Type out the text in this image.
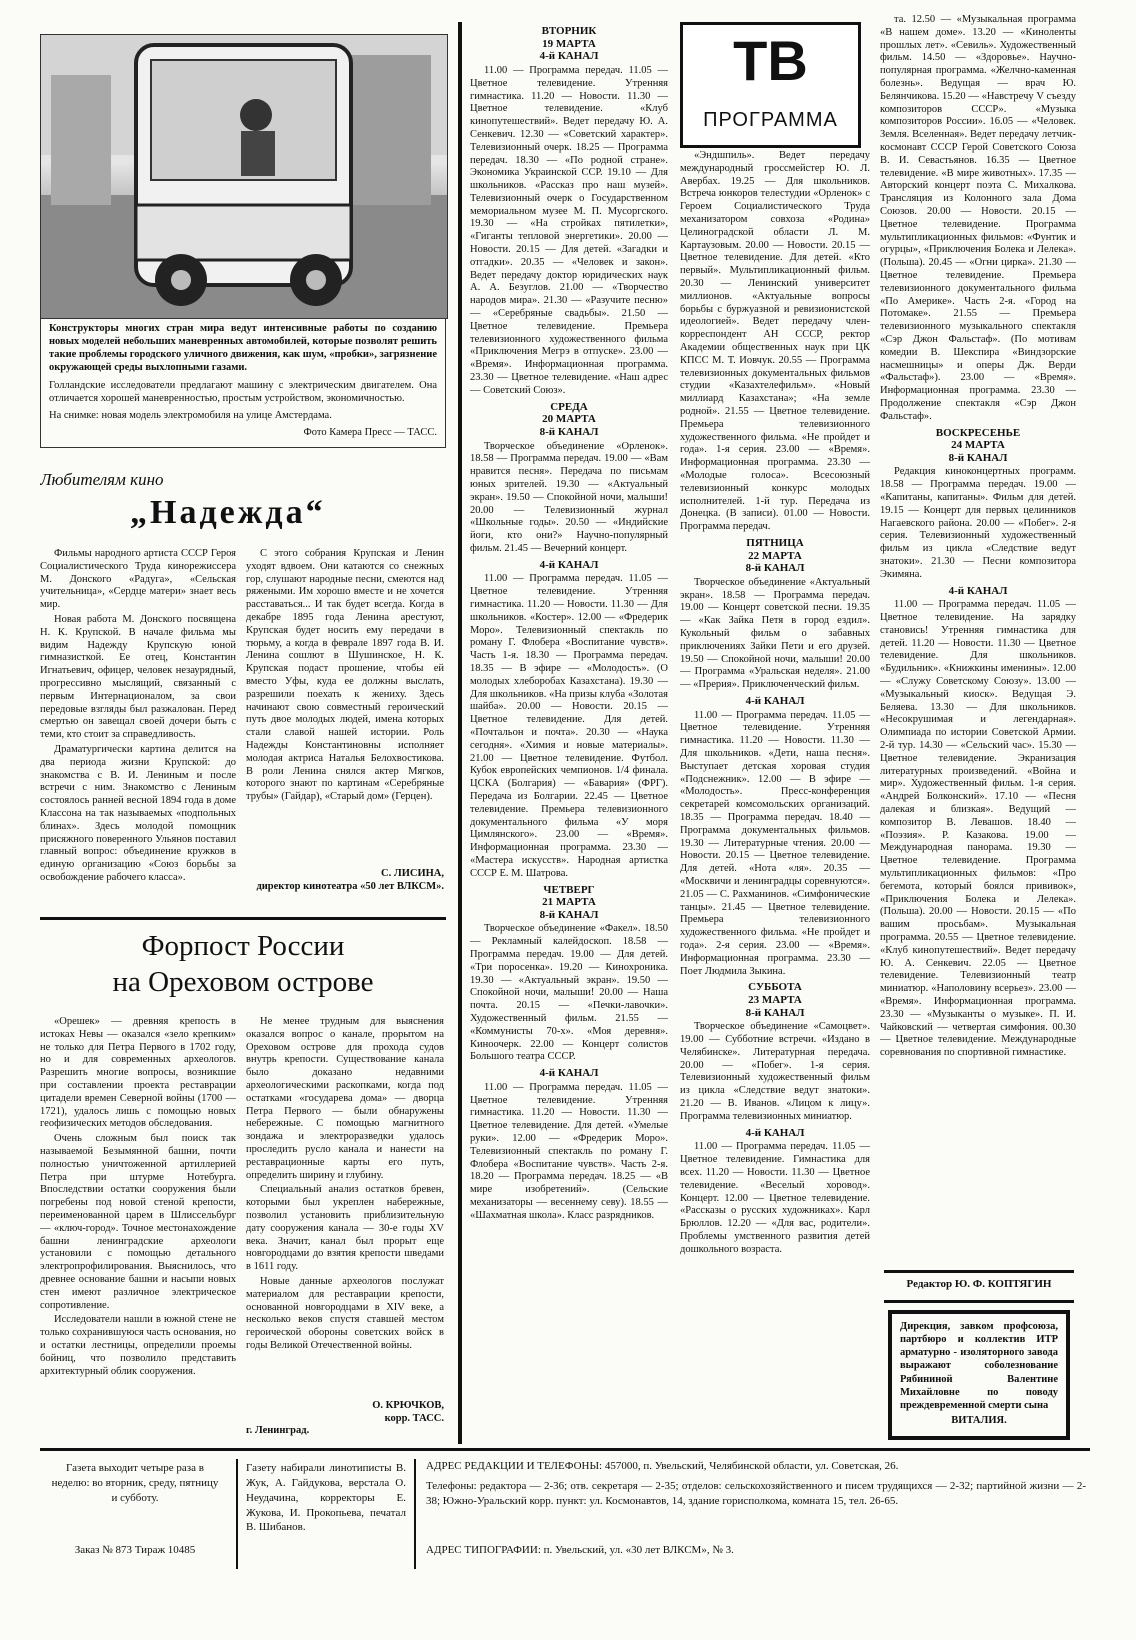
Конструкторы многих стран мира ведут интенсивные работы по созданию новых моделей небольших маневренных автомобилей, которые позволят решить такие проблемы городского уличного движения, как шум, «пробки», загрязнение окружающей среды выхлопными газами.

Голландские исследователи предлагают машину с электрическим двигателем. Она отличается хорошей маневренностью, простым устройством, экономичностью.

На снимке: новая модель электромобиля на улице Амстердама.

Фото Камера Пресс — ТАСС.
Любителям кино
„Надежда“

Фильмы народного артиста СССР Героя Социалистического Труда кинорежиссера М. Донского «Радуга», «Сельская учительница», «Сердце матери» знает весь мир.

Новая работа М. Донского посвящена Н. К. Крупской. В начале фильма мы видим Надежду Крупскую юной гимназисткой. Ее отец, Константин Игнатьевич, офицер, человек незаурядный, прогрессивно мыслящий, связанный с первым Интернационалом, за свои передовые взгляды был разжалован. Перед смертью он завещал своей дочери быть с теми, кто стоит за справедливость.

Драматургически картина делится на два периода жизни Крупской: до знакомства с В. И. Лениным и после встречи с ним. Знакомство с Лениным состоялось ранней весной 1894 года в доме Классона на так называемых «подпольных блинах». Здесь молодой помощник присяжного поверенного Ульянов поставил главный вопрос: объединение кружков в единую организацию «Союз борьбы за освобождение рабочего класса».

С этого собрания Крупская и Ленин уходят вдвоем. Они катаются со снежных гор, слушают народные песни, смеются над ряжеными. Им хорошо вместе и не хочется расставаться... И так будет всегда. Когда в декабре 1895 года Ленина арестуют, Крупская будет носить ему передачи в тюрьму, а когда в феврале 1897 года В. И. Ленина сошлют в Шушинское, Н. К. Крупская подаст прошение, чтобы ей вместо Уфы, куда ее должны выслать, разрешили поехать к жениху. Здесь начинают свою совместный героический путь двое молодых людей, имена которых стали славой нашей истории. Роль Надежды Константиновны исполняет молодая актриса Наталья Белохвостикова. В роли Ленина снялся актер Мягков, которого знают по картинам «Серебряные трубы» (Гайдар), «Старый дом» (Герцен).

С. ЛИСИНА,
директор кинотеатра «50 лет ВЛКСМ».
Форпост России
на Ореховом острове

«Орешек» — древняя крепость в истоках Невы — оказался «зело крепким» не только для Петра Первого в 1702 году, но и для современных археологов. Разрешить многие вопросы, возникшие при составлении проекта реставрации цитадели времен Северной войны (1700 — 1721), удалось лишь с помощью новых геофизических методов обследования.

Очень сложным был поиск так называемой Безымянной башни, почти полностью уничтоженной артиллерией Петра при штурме Нотебурга. Впоследствии остатки сооружения были погребены под новой стеной крепости, переименованной царем в Шлиссельбург — «ключ-город». Точное местонахождение башни ленинградские археологи установили с помощью детального электропрофилирования. Выяснилось, что древнее основание башни и насыпи новых стен имеют различное электрическое сопротивление.

Исследователи нашли в южной стене не только сохранившуюся часть основания, но и остатки лестницы, определили проемы бойниц, что позволило представить архитектурный облик сооружения.

Не менее трудным для выяснения оказался вопрос о канале, прорытом на Ореховом острове для прохода судов внутрь крепости. Существование канала было доказано недавними археологическими раскопками, когда под остатками «государева дома» — дворца Петра Первого — были обнаружены небережные. С помощью магнитного зондажа и электроразведки удалось проследить русло канала и нанести на реставрационные карты его путь, определить ширину и глубину.

Специальный анализ остатков бревен, которыми был укреплен набережные, позволил установить приблизительную дату сооружения канала — 30-е годы XV века. Значит, канал был прорыт еще новгородцами до взятия крепости шведами в 1611 году.

Новые данные археологов послужат материалом для реставрации крепости, основанной новгородцами в XIV веке, а несколько веков спустя ставшей местом героической обороны советских войск в годы Великой Отечественной войны.

О. КРЮЧКОВ,
корр. ТАСС.
г. Ленинград.
ВТОРНИК
19 МАРТА
4-й КАНАЛ

11.00 — Программа передач. 11.05 — Цветное телевидение. Утренняя гимнастика. 11.20 — Новости. 11.30 — Цветное телевидение. «Клуб кинопутешествий». Ведет передачу Ю. А. Сенкевич. 12.30 — «Советский характер». Телевизионный очерк. 18.25 — Программа передач. 18.30 — «По родной стране». Экономика Украинской ССР. 19.10 — Для школьников. «Рассказ про наш музей». Телевизионный очерк о Государственном мемориальном музее М. П. Мусоргского. 19.30 — «На стройках пятилетки», «Гиганты тепловой энергетики». 20.00 — Новости. 20.15 — Для детей. «Загадки и отгадки». 20.35 — «Человек и закон». Ведет передачу доктор юридических наук А. А. Безуглов. 21.00 — «Творчество народов мира». 21.30 — «Разучите песню» — «Серебряные свадьбы». 21.50 — Цветное телевидение. Премьера телевизионного художественного фильма «Приключения Мегрэ в отпуске». 23.00 — «Время». Информационная программа. 23.30 — Цветное телевидение. «Наш адрес — Советский Союз».

СРЕДА
20 МАРТА
8-й КАНАЛ

Творческое объединение «Орленок». 18.58 — Программа передач. 19.00 — «Вам нравится песня». Передача по письмам юных зрителей. 19.30 — «Актуальный экран». 19.50 — Спокойной ночи, малыши! 20.00 — Телевизионный журнал «Школьные годы». 20.50 — «Индийские йоги, кто они?» Научно-популярный фильм. 21.45 — Вечерний концерт.

4-й КАНАЛ

11.00 — Программа передач. 11.05 — Цветное телевидение. Утренняя гимнастика. 11.20 — Новости. 11.30 — Для школьников. «Костер». 12.00 — «Фредерик Моро». Телевизионный спектакль по роману Г. Флобера «Воспитание чувств». Часть 1-я. 18.30 — Программа передач. 18.35 — В эфире — «Молодость». (О молодых хлеборобах Казахстана). 19.30 — Для школьников. «На призы клуба «Золотая шайба». 20.00 — Новости. 20.15 — Цветное телевидение. Для детей. «Почтальон и почта». 20.30 — «Наука сегодня». «Химия и новые материалы». 21.00 — Цветное телевидение. Футбол. Кубок европейских чемпионов. 1/4 финала. ЦСКА (Болгария) — «Бавария» (ФРГ). Передача из Болгарии. 22.45 — Цветное телевидение. Премьера телевизионного документального фильма «У моря Цимлянского». 23.00 — «Время». Информационная программа. 23.30 — «Мастера искусств». Народная артистка СССР Е. М. Шатрова.

ЧЕТВЕРГ
21 МАРТА
8-й КАНАЛ

Творческое объединение «Факел». 18.50 — Рекламный калейдоскоп. 18.58 — Программа передач. 19.00 — Для детей. «Три поросенка». 19.20 — Кинохроника. 19.30 — «Актуальный экран». 19.50 — Спокойной ночи, малыши! 20.00 — Наша почта. 20.15 — «Печки-лавочки». Художественный фильм. 21.55 — «Коммунисты 70-х». «Моя деревня». Киноочерк. 22.00 — Концерт солистов Большого театра СССР.

4-й КАНАЛ

11.00 — Программа передач. 11.05 — Цветное телевидение. Утренняя гимнастика. 11.20 — Новости. 11.30 — Цветное телевидение. Для детей. «Умелые руки». 12.00 — «Фредерик Моро». Телевизионный спектакль по роману Г. Флобера «Воспитание чувств». Часть 2-я. 18.20 — Программа передач. 18.25 — «В мире изобретений». (Сельские механизаторы — весеннему севу). 18.55 — «Шахматная школа». Класс разрядников.

ТВ
ПРОГРАММА

«Эндшпиль». Ведет передачу международный гроссмейстер Ю. Л. Авербах. 19.25 — Для школьников. Встреча юнкоров телестудии «Орленок» с Героем Социалистического Труда механизатором совхоза «Родина» Целиноградской области Л. М. Картаузовым. 20.00 — Новости. 20.15 — Цветное телевидение. Для детей. «Кто первый». Мультипликационный фильм. 20.30 — Ленинский университет миллионов. «Актуальные вопросы борьбы с буржуазной и ревизионистской идеологией». Ведет передачу член-корреспондент АН СССР, ректор Академии общественных наук при ЦК КПСС М. Т. Иовчук. 20.55 — Программа телевизионных документальных фильмов студии «Казахтелефильм». «Новый миллиард Казахстана»; «На земле родной». 21.55 — Цветное телевидение. Премьера телевизионного художественного фильма. «Не пройдет и года». 1-я серия. 23.00 — «Время». Информационная программа. 23.30 — «Молодые голоса». Всесоюзный телевизионный конкурс молодых исполнителей. 1-й тур. Передача из Донецка. (В записи). 01.00 — Новости. Программа передач.

ПЯТНИЦА
22 МАРТА
8-й КАНАЛ

Творческое объединение «Актуальный экран». 18.58 — Программа передач. 19.00 — Концерт советской песни. 19.35 — «Как Зайка Петя в город ездил». Кукольный фильм о забавных приключениях Зайки Пети и его друзей. 19.50 — Спокойной ночи, малыши! 20.00 — Программа «Уральская неделя». 21.00 — «Прерия». Приключенческий фильм.

4-й КАНАЛ

11.00 — Программа передач. 11.05 — Цветное телевидение. Утренняя гимнастика. 11.20 — Новости. 11.30 — Для школьников. «Дети, наша песня». Выступает детская хоровая студия «Подснежник». 12.00 — В эфире — «Молодость». Пресс-конференция секретарей комсомольских организаций. 18.35 — Программа передач. 18.40 — Программа документальных фильмов. 19.30 — Литературные чтения. 20.00 — Новости. 20.15 — Цветное телевидение. Для детей. «Нота «ля». 20.35 — «Москвичи и ленинградцы соревнуются». 21.05 — С. Рахманинов. «Симфонические танцы». 21.45 — Цветное телевидение. Премьера телевизионного художественного фильма. «Не пройдет и года». 2-я серия. 23.00 — «Время». Информационная программа. 23.30 — Поет Людмила Зыкина.

СУББОТА
23 МАРТА
8-й КАНАЛ

Творческое объединение «Самоцвет». 19.00 — Субботние встречи. «Издано в Челябинске». Литературная передача. 20.00 — «Побег». 1-я серия. Телевизионный художественный фильм из цикла «Следствие ведут знатоки». 21.20 — В. Иванов. «Лицом к лицу». Программа телевизионных миниатюр.

4-й КАНАЛ

11.00 — Программа передач. 11.05 — Цветное телевидение. Гимнастика для всех. 11.20 — Новости. 11.30 — Цветное телевидение. «Веселый хоровод». Концерт. 12.00 — Цветное телевидение. «Рассказы о русских художниках». Карл Брюллов. 12.20 — «Для вас, родители». Проблемы умственного развития детей дошкольного возраста.

та. 12.50 — «Музыкальная программа «В нашем доме». 13.20 — «Киноленты прошлых лет». «Севиль». Художественный фильм. 14.50 — «Здоровье». Научно-популярная программа. «Желчно-каменная болезнь». Ведущая — врач Ю. Белянчикова. 15.20 — «Навстречу V съезду композиторов СССР». «Музыка композиторов России». 16.05 — «Человек. Земля. Вселенная». Ведет передачу летчик-космонавт СССР Герой Советского Союза В. И. Севастьянов. 16.35 — Цветное телевидение. «В мире животных». 17.35 — Авторский концерт поэта С. Михалкова. Трансляция из Колонного зала Дома Союзов. 20.00 — Новости. 20.15 — Цветное телевидение. Программа мультипликационных фильмов: «Фунтик и огурцы», «Приключения Болека и Лелека». (Польша). 20.45 — «Огни цирка». 21.30 — Цветное телевидение. Премьера телевизионного документального фильма «По Америке». Часть 2-я. «Город на Потомаке». 21.55 — Премьера телевизионного музыкального спектакля «Сэр Джон Фальстаф». (По мотивам комедии В. Шекспира «Виндзорские насмешницы» и оперы Дж. Верди «Фальстаф»). 23.00 — «Время». Информационная программа. 23.30 — Продолжение спектакля «Сэр Джон Фальстаф».

ВОСКРЕСЕНЬЕ
24 МАРТА
8-й КАНАЛ

Редакция киноконцертных программ. 18.58 — Программа передач. 19.00 — «Капитаны, капитаны». Фильм для детей. 19.15 — Концерт для первых целинников Нагаевского района. 20.00 — «Побег». 2-я серия. Телевизионный художественный фильм из цикла «Следствие ведут знатоки». 21.30 — Песни композитора Экимяна.

4-й КАНАЛ

11.00 — Программа передач. 11.05 — Цветное телевидение. На зарядку становись! Утренняя гимнастика для детей. 11.20 — Новости. 11.30 — Цветное телевидение. Для школьников. «Будильник». «Книжкины именины». 12.00 — «Служу Советскому Союзу». 13.00 — «Музыкальный киоск». Ведущая Э. Беляева. 13.30 — Для школьников. «Несокрушимая и легендарная». Олимпиада по истории Советской Армии. 2-й тур. 14.30 — «Сельский час». 15.30 — Цветное телевидение. Экранизация литературных произведений. «Война и мир». Художественный фильм. 1-я серия. «Андрей Болконский». 17.10 — «Песня далекая и близкая». Ведущий — композитор В. Левашов. 18.40 — «Поэзия». Р. Казакова. 19.00 — Международная панорама. 19.30 — Цветное телевидение. Программа мультипликационных фильмов: «Про бегемота, который боялся прививок», «Приключения Болека и Лелека». (Польша). 20.00 — Новости. 20.15 — «По вашим просьбам». Музыкальная программа. 20.55 — Цветное телевидение. «Клуб кинопутешествий». Ведет передачу Ю. А. Сенкевич. 22.05 — Цветное телевидение. Телевизионный театр миниатюр. «Наполовину всерьез». 23.00 — «Время». Информационная программа. 23.30 — «Музыканты о музыке». П. И. Чайковский — четвертая симфония. 00.30 — Цветное телевидение. Международные соревнования по спортивной гимнастике.

Редактор Ю. Ф. КОПТЯГИН
Дирекция, завком профсоюза, партбюро и коллектив ИТР арматурно - изоляторного завода выражают соболезнование Рябининой Валентине Михайловне по поводу преждевременной смерти сына
ВИТАЛИЯ.
Газета выходит четыре раза в неделю: во вторник, среду, пятницу и субботу.
Заказ № 873 Тираж 10485
Газету набирали линотиписты В. Жук, А. Гайдукова, верстала О. Неудачина, корректоры Е. Жукова, И. Прокопьева, печатал В. Шибанов.
АДРЕС РЕДАКЦИИ И ТЕЛЕФОНЫ: 457000, п. Увельский, Челябинской области, ул. Советская, 26.
Телефоны: редактора — 2-36; отв. секретаря — 2-35; отделов: сельскохозяйственного и писем трудящихся — 2-32; партийной жизни — 2-38; Южно-Уральский корр. пункт: ул. Космонавтов, 14, здание горисполкома, комната 15, тел. 26-65.
АДРЕС ТИПОГРАФИИ: п. Увельский, ул. «30 лет ВЛКСМ», № 3.
